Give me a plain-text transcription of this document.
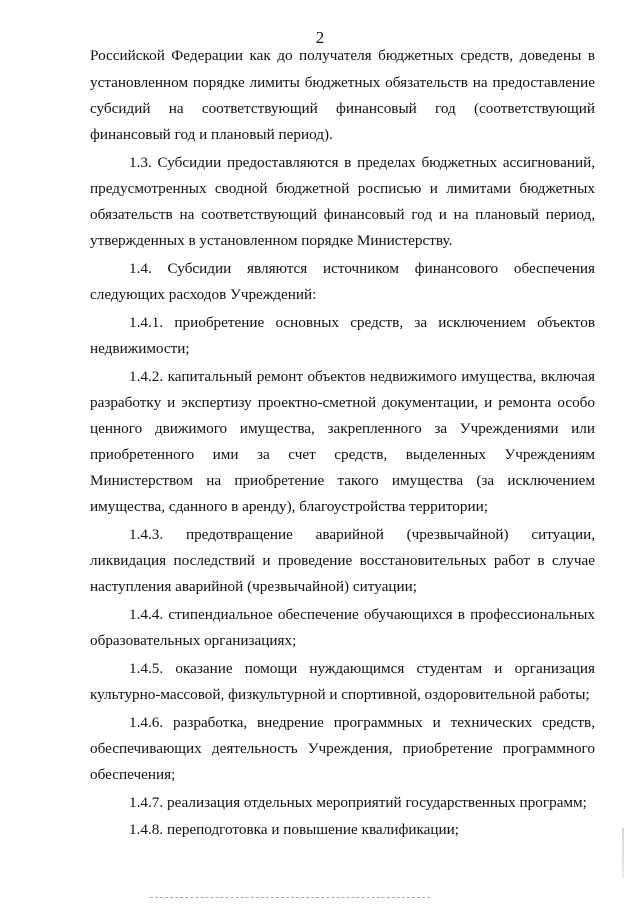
2
Российской Федерации как до получателя бюджетных средств, доведены в
установленном порядке лимиты бюджетных обязательств на предоставление
субсидий на соответствующий финансовый год (соответствующий
финансовый год и плановый период).
1.3. Субсидии предоставляются в пределах бюджетных ассигнований,
предусмотренных сводной бюджетной росписью и лимитами бюджетных
обязательств на соответствующий финансовый год и на плановый период,
утвержденных в установленном порядке Министерству.
1.4. Субсидии являются источником финансового обеспечения
следующих расходов Учреждений:
1.4.1. приобретение основных средств, за исключением объектов
недвижимости;
1.4.2. капитальный ремонт объектов недвижимого имущества, включая
разработку и экспертизу проектно-сметной документации, и ремонта особо
ценного движимого имущества, закрепленного за Учреждениями или
приобретенного ими за счет средств, выделенных Учреждениям
Министерством на приобретение такого имущества (за исключением
имущества, сданного в аренду), благоустройства территории;
1.4.3. предотвращение аварийной (чрезвычайной) ситуации,
ликвидация последствий и проведение восстановительных работ в случае
наступления аварийной (чрезвычайной) ситуации;
1.4.4. стипендиальное обеспечение обучающихся в профессиональных
образовательных организациях;
1.4.5. оказание помощи нуждающимся студентам и организация
культурно-массовой, физкультурной и спортивной, оздоровительной работы;
1.4.6. разработка, внедрение программных и технических средств,
обеспечивающих деятельность Учреждения, приобретение программного
обеспечения;
1.4.7. реализация отдельных мероприятий государственных программ;
1.4.8. переподготовка и повышение квалификации;
